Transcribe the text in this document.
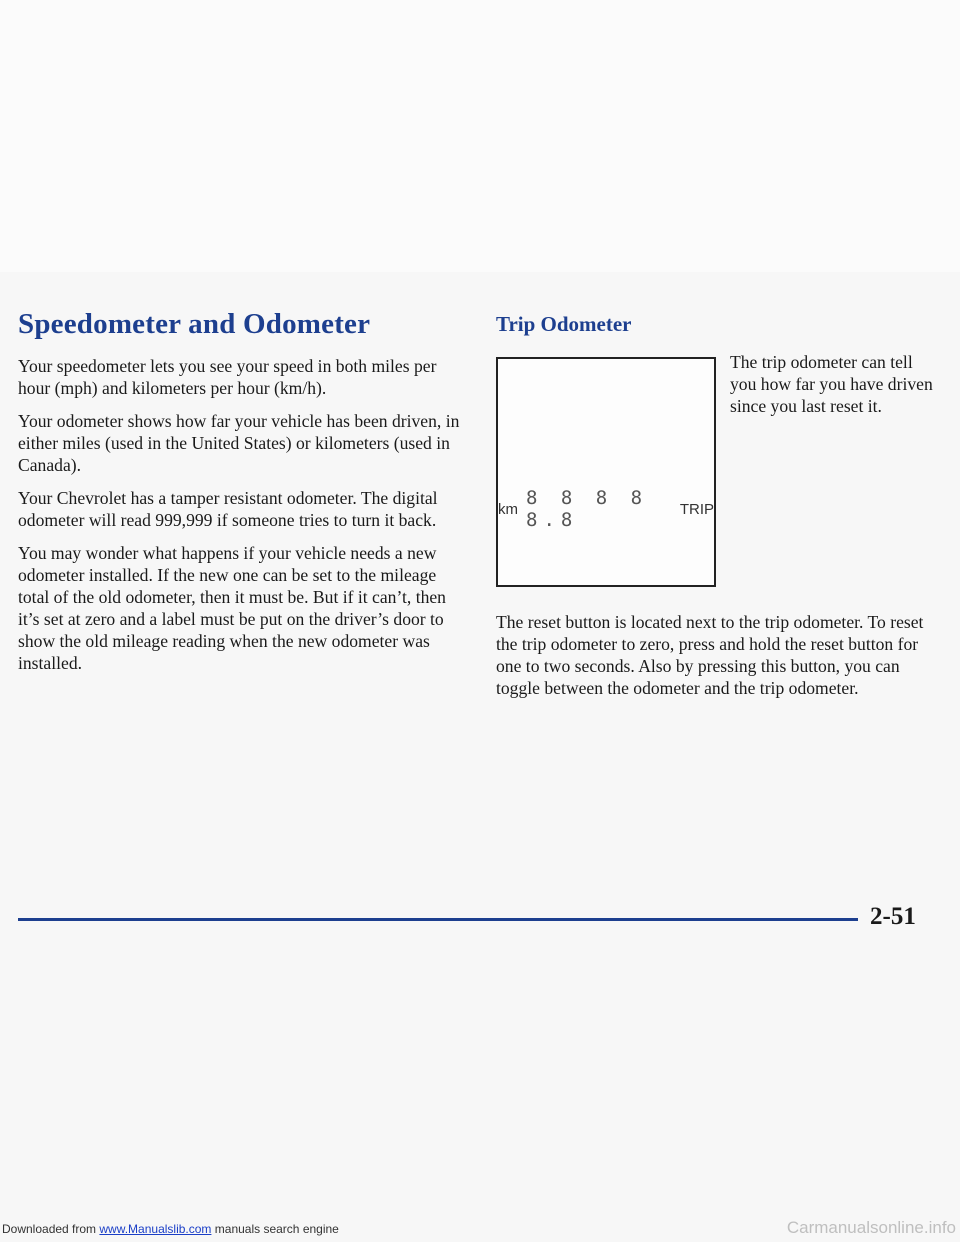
Speedometer and Odometer

Your speedometer lets you see your speed in both miles per hour (mph) and kilometers per hour (km/h).

Your odometer shows how far your vehicle has been driven, in either miles (used in the United States) or kilometers (used in Canada).

Your Chevrolet has a tamper resistant odometer. The digital odometer will read 999,999 if someone tries to turn it back.

You may wonder what happens if your vehicle needs a new odometer installed. If the new one can be set to the mileage total of the old odometer, then it must be. But if it can’t, then it’s set at zero and a label must be put on the driver’s door to show the old mileage reading when the new odometer was installed.

Trip Odometer
km 8 8 8 8 8.8	TRIP

The trip odometer can tell you how far you have driven since you last reset it.

The reset button is located next to the trip odometer. To reset the trip odometer to zero, press and hold the reset button for one to two seconds. Also by pressing this button, you can toggle between the odometer and the trip odometer.

2-51
Downloaded from www.Manualslib.com manuals search engine	Carmanualsonline.info
